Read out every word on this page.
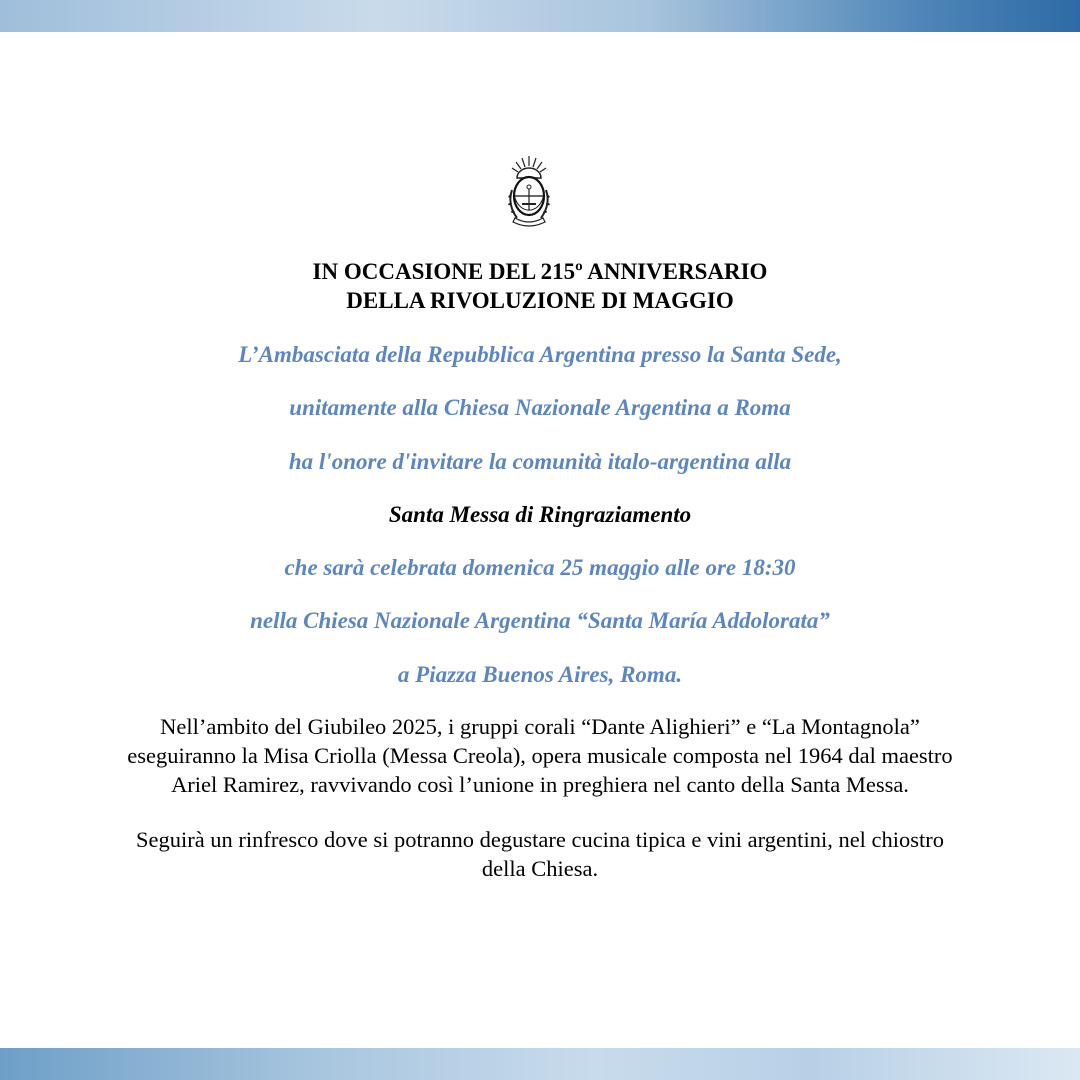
IN OCCASIONE DEL 215º ANNIVERSARIO
DELLA RIVOLUZIONE DI MAGGIO
L’Ambasciata della Repubblica Argentina presso la Santa Sede,
unitamente alla Chiesa Nazionale Argentina a Roma
ha l'onore d'invitare la comunità italo-argentina alla
Santa Messa di Ringraziamento
che sarà celebrata domenica 25 maggio alle ore 18:30
nella Chiesa Nazionale Argentina “Santa María Addolorata”
a Piazza Buenos Aires, Roma.
Nell’ambito del Giubileo 2025, i gruppi corali “Dante Alighieri” e “La Montagnola”
eseguiranno la Misa Criolla (Messa Creola), opera musicale composta nel 1964 dal maestro
Ariel Ramirez, ravvivando così l’unione in preghiera nel canto della Santa Messa.
Seguirà un rinfresco dove si potranno degustare cucina tipica e vini argentini, nel chiostro
della Chiesa.
